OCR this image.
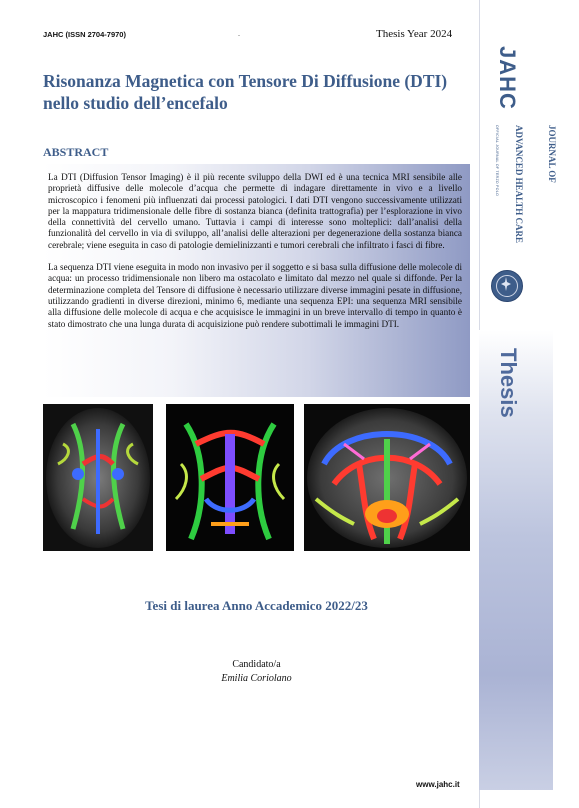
JAHC (ISSN 2704-7970)	-	Thesis Year 2024
Risonanza Magnetica con Tensore Di Diffusione (DTI) nello studio dell’encefalo
ABSTRACT

La DTI (Diffusion Tensor Imaging) è il più recente sviluppo della DWI ed è una tecnica MRI sensibile alle proprietà diffusive delle molecole d’acqua che permette di indagare direttamente in vivo e a livello microscopico i fenomeni più influenzati dai processi patologici. I dati DTI vengono successivamente utilizzati per la mappatura tridimensionale delle fibre di sostanza bianca (definita trattografia) per l’esplorazione in vivo della connettività del cervello umano. Tuttavia i campi di interesse sono molteplici: dall’analisi della funzionalità del cervello in via di sviluppo, all’analisi delle alterazioni per degenerazione della sostanza bianca cerebrale; viene eseguita in caso di patologie demielinizzanti e tumori cerebrali che infiltrato i fasci di fibre.

La sequenza DTI viene eseguita in modo non invasivo per il soggetto e si basa sulla diffusione delle molecole di acqua: un processo tridimensionale non libero ma ostacolato e limitato dal mezzo nel quale si diffonde. Per la determinazione completa del Tensore di diffusione è necessario utilizzare diverse immagini pesate in diffusione, utilizzando gradienti in diverse direzioni, minimo 6, mediante una sequenza EPI: una sequenza MRI sensibile alla diffusione delle molecole di acqua e che acquisisce le immagini in un breve intervallo di tempo in quanto è stato dimostrato che una lunga durata di acquisizione può rendere subottimali le immagini DTI.

Tesi di laurea Anno Accademico 2022/23
Candidato/a
Emilia Coriolano
www.jahc.it
JAHC
OFFICIAL JOURNAL OF TERZO POLO

	JOURNAL OF

ADVANCED HEALTH CARE

Thesis
